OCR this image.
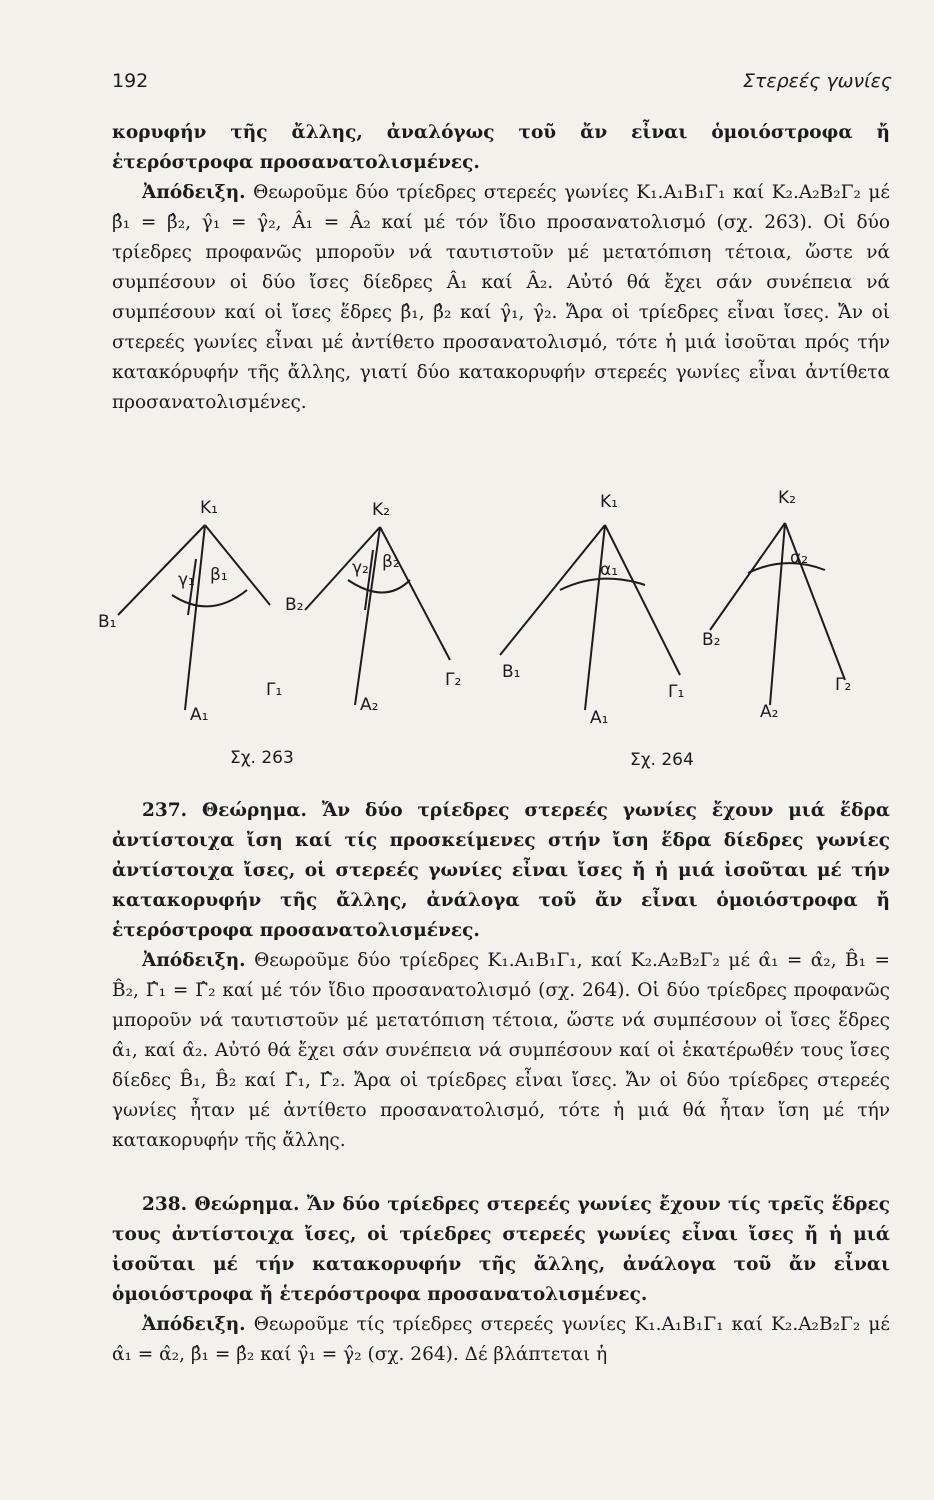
192	Στερεές γωνίες

κορυφήν τῆς ἄλλης, ἀναλόγως τοῦ ἄν εἶναι ὁμοιόστροφα ἤ ἑτερόστροφα προσανατολισμένες.

Ἀπόδειξη. Θεωροῦμε δύο τρίεδρες στερεές γωνίες Κ₁.Α₁Β₁Γ₁ καί Κ₂.Α₂Β₂Γ₂ μέ β̂₁ = β̂₂, γ̂₁ = γ̂₂, Â₁ = Â₂ καί μέ τόν ἴδιο προσανατολισμό (σχ. 263). Οἱ δύο τρίεδρες προφανῶς μποροῦν νά ταυτιστοῦν μέ μετατόπιση τέτοια, ὥστε νά συμπέσουν οἱ δύο ἴσες δίεδρες Â₁ καί Â₂. Αὐτό θά ἔχει σάν συνέπεια νά συμπέσουν καί οἱ ἴσες ἕδρες β̂₁, β̂₂ καί γ̂₁, γ̂₂. Ἄρα οἱ τρίεδρες εἶναι ἴσες. Ἄν οἱ στερεές γωνίες εἶναι μέ ἀντίθετο προσανατολισμό, τότε ἡ μιά ἰσοῦται πρός τήν κατακόρυφήν τῆς ἄλλης, γιατί δύο κατακορυφήν στερεές γωνίες εἶναι ἀντίθετα προσανατολισμένες.

Κ₁
Β₁
Α₁
Γ₁
γ₁ β₁
Κ₂
Β₂
Α₂
Γ₂
γ₂ β₂
Κ₁
Β₁
Α₁
Γ₁
α₁
Κ₂
Β₂
Α₂
Γ₂
α₂
Σχ. 263	Σχ. 264

237. Θεώρημα. Ἄν δύο τρίεδρες στερεές γωνίες ἔχουν μιά ἕδρα ἀντίστοιχα ἴση καί τίς προσκείμενες στήν ἴση ἕδρα δίεδρες γωνίες ἀντίστοιχα ἴσες, οἱ στερεές γωνίες εἶναι ἴσες ἤ ἡ μιά ἰσοῦται μέ τήν κατακορυφήν τῆς ἄλλης, ἀνάλογα τοῦ ἄν εἶναι ὁμοιόστροφα ἤ ἑτερόστροφα προσανατολισμένες.

Ἀπόδειξη. Θεωροῦμε δύο τρίεδρες Κ₁.Α₁Β₁Γ₁, καί Κ₂.Α₂Β₂Γ₂ μέ α̂₁ = α̂₂, B̂₁ = B̂₂, Γ̂₁ = Γ̂₂ καί μέ τόν ἴδιο προσανατολισμό (σχ. 264). Οἱ δύο τρίεδρες προφανῶς μποροῦν νά ταυτιστοῦν μέ μετατόπιση τέτοια, ὥστε νά συμπέσουν οἱ ἴσες ἕδρες α̂₁, καί α̂₂. Αὐτό θά ἔχει σάν συνέπεια νά συμπέσουν καί οἱ ἑκατέρωθέν τους ἴσες δίεδες B̂₁, B̂₂ καί Γ̂₁, Γ̂₂. Ἄρα οἱ τρίεδρες εἶναι ἴσες. Ἄν οἱ δύο τρίεδρες στερεές γωνίες ἦταν μέ ἀντίθετο προσανατολισμό, τότε ἡ μιά θά ἦταν ἴση μέ τήν κατακορυφήν τῆς ἄλλης.

238. Θεώρημα. Ἄν δύο τρίεδρες στερεές γωνίες ἔχουν τίς τρεῖς ἕδρες τους ἀντίστοιχα ἴσες, οἱ τρίεδρες στερεές γωνίες εἶναι ἴσες ἤ ἡ μιά ἰσοῦται μέ τήν κατακορυφήν τῆς ἄλλης, ἀνάλογα τοῦ ἄν εἶναι ὁμοιόστροφα ἤ ἑτερόστροφα προσανατολισμένες.

Ἀπόδειξη. Θεωροῦμε τίς τρίεδρες στερεές γωνίες Κ₁.Α₁Β₁Γ₁ καί Κ₂.Α₂Β₂Γ₂ μέ α̂₁ = α̂₂, β̂₁ = β̂₂ καί γ̂₁ = γ̂₂ (σχ. 264). Δέ βλάπτεται ἡ
